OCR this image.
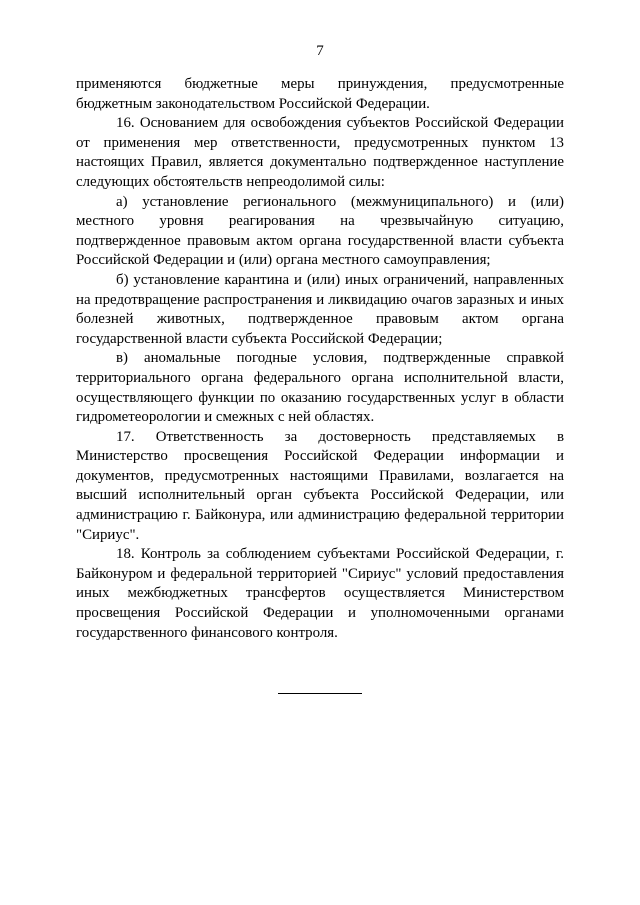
7

применяются бюджетные меры принуждения, предусмотренные бюджетным законодательством Российской Федерации.

16. Основанием для освобождения субъектов Российской Федерации от применения мер ответственности, предусмотренных пунктом 13 настоящих Правил, является документально подтвержденное наступление следующих обстоятельств непреодолимой силы:

а) установление регионального (межмуниципального) и (или) местного уровня реагирования на чрезвычайную ситуацию, подтвержденное правовым актом органа государственной власти субъекта Российской Федерации и (или) органа местного самоуправления;

б) установление карантина и (или) иных ограничений, направленных на предотвращение распространения и ликвидацию очагов заразных и иных болезней животных, подтвержденное правовым актом органа государственной власти субъекта Российской Федерации;

в) аномальные погодные условия, подтвержденные справкой территориального органа федерального органа исполнительной власти, осуществляющего функции по оказанию государственных услуг в области гидрометеорологии и смежных с ней областях.

17. Ответственность за достоверность представляемых в Министерство просвещения Российской Федерации информации и документов, предусмотренных настоящими Правилами, возлагается на высший исполнительный орган субъекта Российской Федерации, или администрацию г. Байконура, или администрацию федеральной территории "Сириус".

18. Контроль за соблюдением субъектами Российской Федерации, г. Байконуром и федеральной территорией "Сириус" условий предоставления иных межбюджетных трансфертов осуществляется Министерством просвещения Российской Федерации и уполномоченными органами государственного финансового контроля.
